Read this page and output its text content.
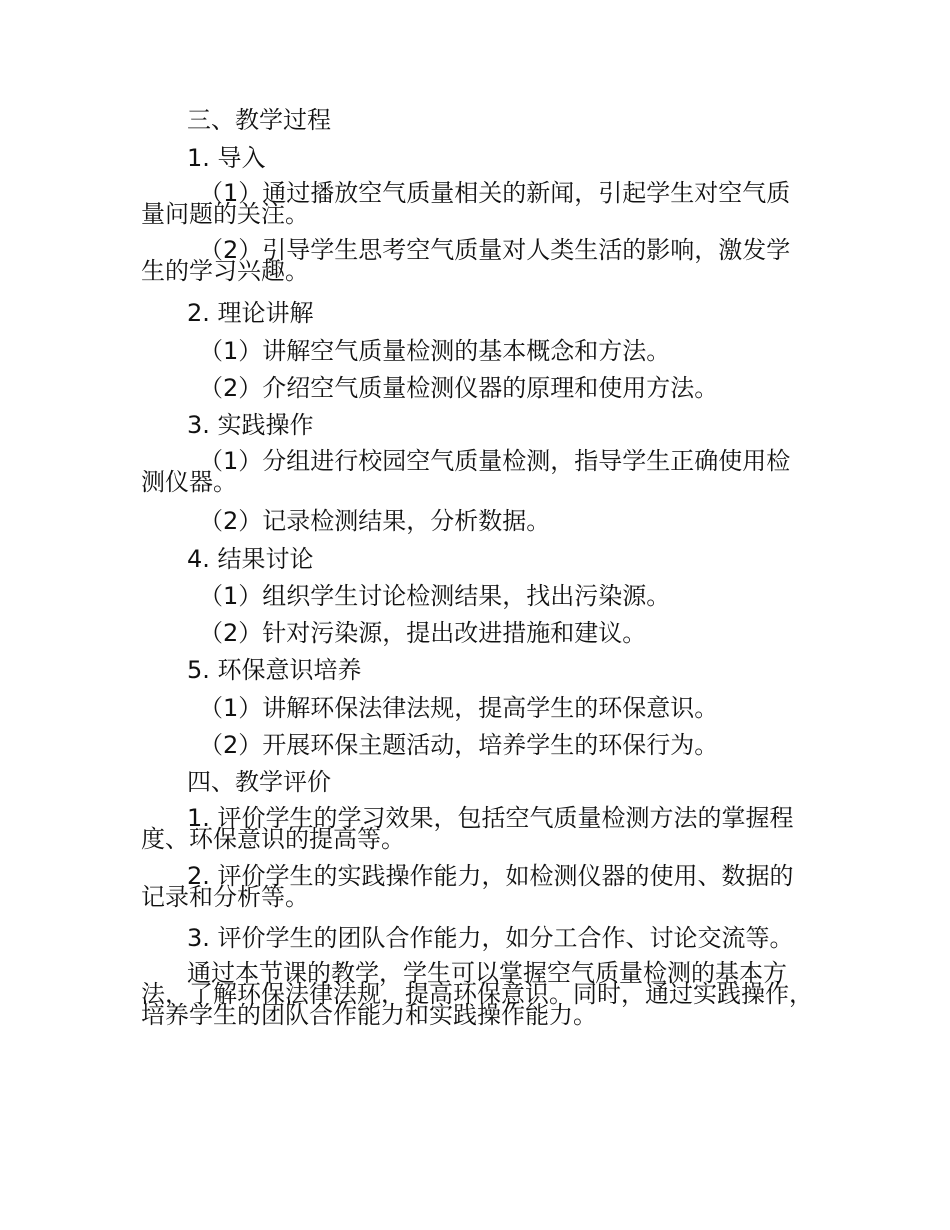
三、教学过程
1. 导入
（1）通过播放空气质量相关的新闻，引起学生对空气质量问题的关注。
（2）引导学生思考空气质量对人类生活的影响，激发学生的学习兴趣。
2. 理论讲解
（1）讲解空气质量检测的基本概念和方法。
（2）介绍空气质量检测仪器的原理和使用方法。
3. 实践操作
（1）分组进行校园空气质量检测，指导学生正确使用检测仪器。
（2）记录检测结果，分析数据。
4. 结果讨论
（1）组织学生讨论检测结果，找出污染源。
（2）针对污染源，提出改进措施和建议。
5. 环保意识培养
（1）讲解环保法律法规，提高学生的环保意识。
（2）开展环保主题活动，培养学生的环保行为。
四、教学评价
1. 评价学生的学习效果，包括空气质量检测方法的掌握程度、环保意识的提高等。
2. 评价学生的实践操作能力，如检测仪器的使用、数据的记录和分析等。
3. 评价学生的团队合作能力，如分工合作、讨论交流等。
通过本节课的教学，学生可以掌握空气质量检测的基本方法，了解环保法律法规，提高环保意识。同时，通过实践操作，培养学生的团队合作能力和实践操作能力。
